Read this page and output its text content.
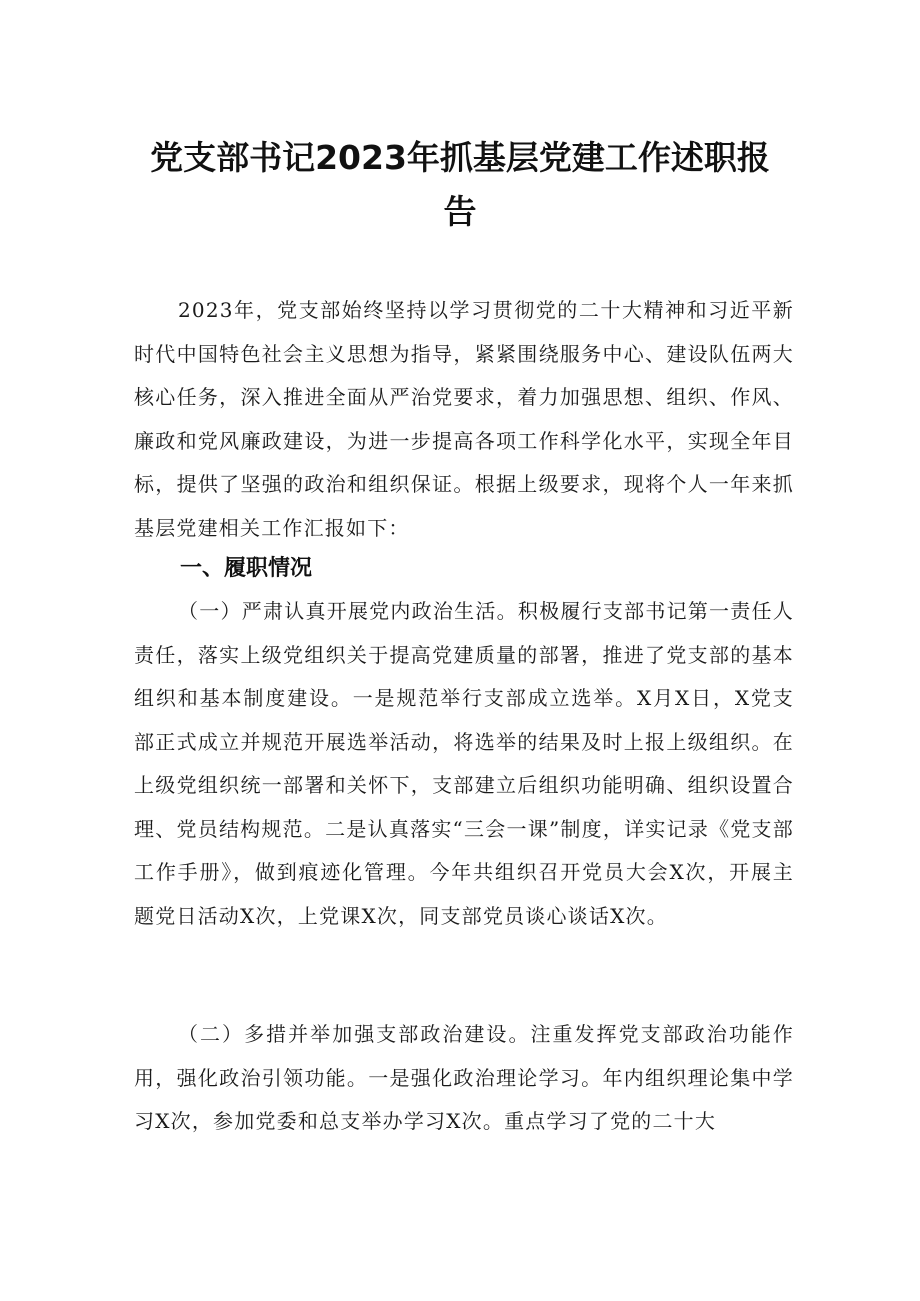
党支部书记2023年抓基层党建工作述职报
告

2023年，党支部始终坚持以学习贯彻党的二十大精神和习近平新时代中国特色社会主义思想为指导，紧紧围绕服务中心、建设队伍两大核心任务，深入推进全面从严治党要求，着力加强思想、组织、作风、廉政和党风廉政建设，为进一步提高各项工作科学化水平，实现全年目标，提供了坚强的政治和组织保证。根据上级要求，现将个人一年来抓基层党建相关工作汇报如下：

一、履职情况

（一）严肃认真开展党内政治生活。积极履行支部书记第一责任人责任，落实上级党组织关于提高党建质量的部署，推进了党支部的基本组织和基本制度建设。一是规范举行支部成立选举。X月X日，X党支部正式成立并规范开展选举活动，将选举的结果及时上报上级组织。在上级党组织统一部署和关怀下，支部建立后组织功能明确、组织设置合理、党员结构规范。二是认真落实“三会一课”制度，详实记录《党支部工作手册》，做到痕迹化管理。今年共组织召开党员大会X次，开展主题党日活动X次，上党课X次，同支部党员谈心谈话X次。

（二）多措并举加强支部政治建设。注重发挥党支部政治功能作用，强化政治引领功能。一是强化政治理论学习。年内组织理论集中学习X次，参加党委和总支举办学习X次。重点学习了党的二十大
